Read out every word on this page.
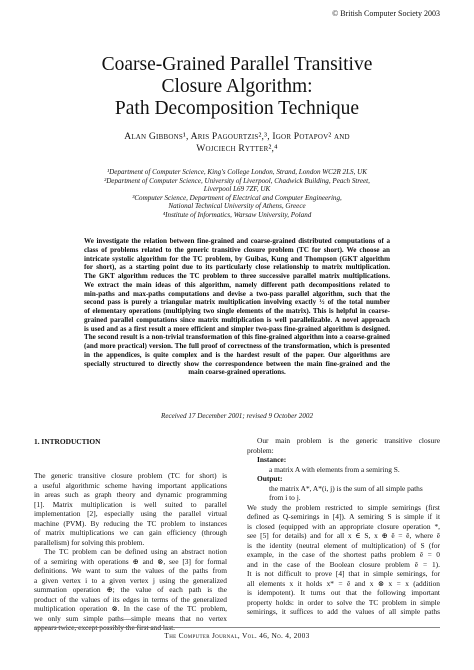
© British Computer Society 2003
Coarse-Grained Parallel Transitive
Closure Algorithm:
Path Decomposition Technique
Alan Gibbons¹, Aris Pagourtzis²,³, Igor Potapov² and
Wojciech Rytter²,⁴
¹Department of Computer Science, King's College London, Strand, London WC2R 2LS, UK
²Department of Computer Science, University of Liverpool, Chadwick Building, Peach Street,
Liverpool L69 7ZF, UK
³Computer Science, Department of Electrical and Computer Engineering,
National Technical University of Athens, Greece
⁴Institute of Informatics, Warsaw University, Poland
We investigate the relation between fine-grained and coarse-grained distributed computations of a
class of problems related to the generic transitive closure problem (TC for short). We choose an
intricate systolic algorithm for the TC problem, by Guibas, Kung and Thompson (GKT algorithm
for short), as a starting point due to its particularly close relationship to matrix multiplication.
The GKT algorithm reduces the TC problem to three successive parallel matrix multiplications.
We extract the main ideas of this algorithm, namely different path decompositions related to
min-paths and max-paths computations and devise a two-pass parallel algorithm, such that the
second pass is purely a triangular matrix multiplication involving exactly ½ of the total number
of elementary operations (multiplying two single elements of the matrix). This is helpful in coarse-
grained parallel computations since matrix multiplication is well parallelizable. A novel approach
is used and as a first result a more efficient and simpler two-pass fine-grained algorithm is designed.
The second result is a non-trivial transformation of this fine-grained algorithm into a coarse-grained
(and more practical) version. The full proof of correctness of the transformation, which is presented
in the appendices, is quite complex and is the hardest result of the paper. Our algorithms are
specially structured to directly show the correspondence between the main fine-grained and the
main coarse-grained operations.
Received 17 December 2001; revised 9 October 2002
1. INTRODUCTION
The generic transitive closure problem (TC for short) is
a useful algorithmic scheme having important applications
in areas such as graph theory and dynamic programming
[1]. Matrix multiplication is well suited to parallel
implementation [2], especially using the parallel virtual
machine (PVM). By reducing the TC problem to instances
of matrix multiplications we can gain efficiency (through
parallelism) for solving this problem.
The TC problem can be defined using an abstract notion
of a semiring with operations ⊕ and ⊗, see [3] for formal
definitions. We want to sum the values of the paths from
a given vertex i to a given vertex j using the generalized
summation operation ⊕; the value of each path is the
product of the values of its edges in terms of the generalized
multiplication operation ⊗. In the case of the TC problem,
we only sum simple paths—simple means that no vertex
appears twice, except possibly the first and last.
Our main problem is the generic transitive closure
problem:
Instance:
a matrix A with elements from a semiring S.
Output:
the matrix A*, A*(i, j) is the sum of all simple paths
from i to j.
We study the problem restricted to simple semirings (first
defined as Q-semirings in [4]). A semiring S is simple if it
is closed (equipped with an appropriate closure operation *,
see [5] for details) and for all x ∈ S, x ⊕ ê = ê, where ê
is the identity (neutral element of multiplication) of S (for
example, in the case of the shortest paths problem ê = 0
and in the case of the Boolean closure problem ê = 1).
It is not difficult to prove [4] that in simple semirings, for
all elements x it holds x* = ê and x ⊗ x = x (addition
is idempotent). It turns out that the following important
property holds: in order to solve the TC problem in simple
semirings, it suffices to add the values of all simple paths
The Computer Journal, Vol. 46, No. 4, 2003
